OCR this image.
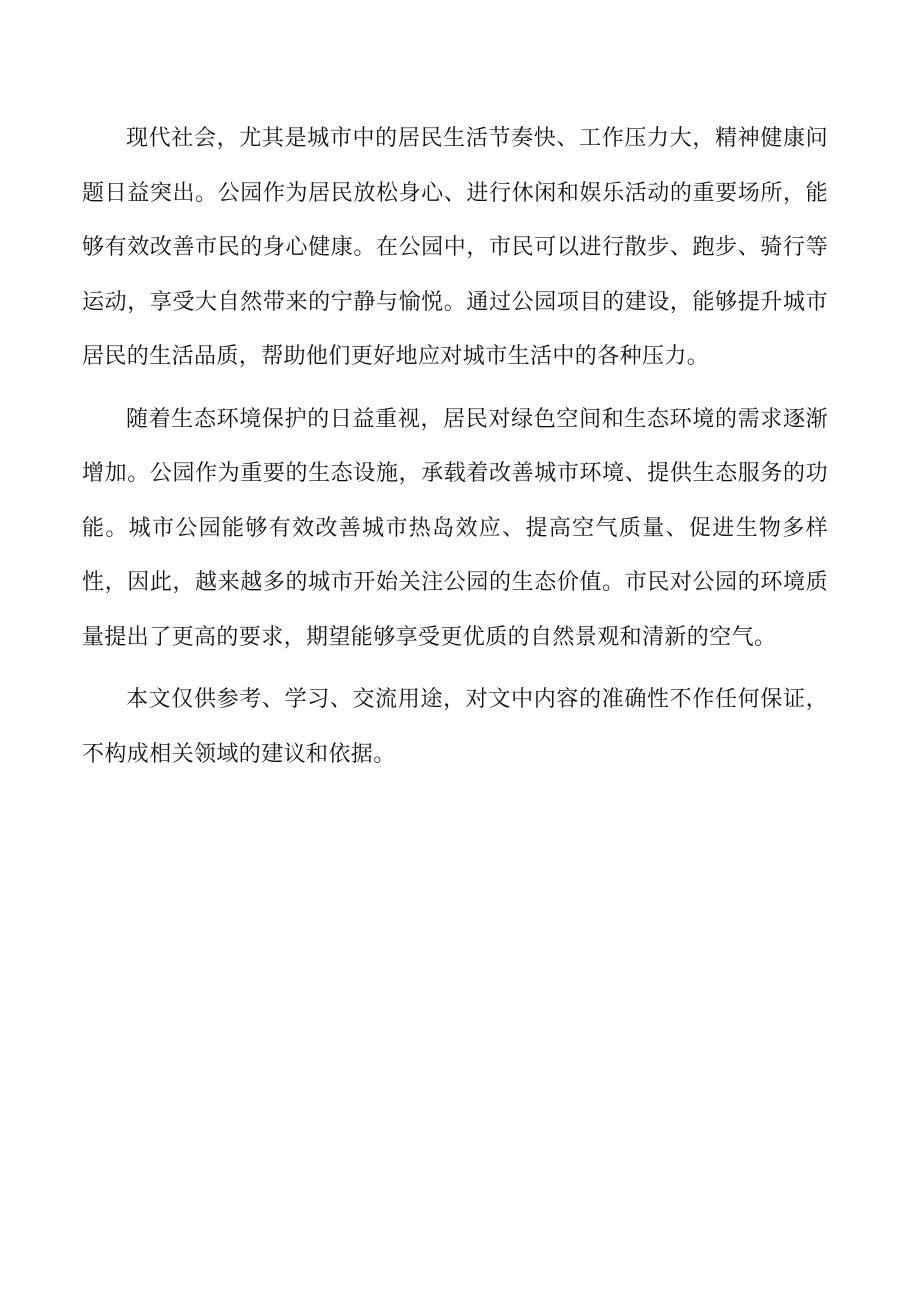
现代社会，尤其是城市中的居民生活节奏快、工作压力大，精神健康问题日益突出。公园作为居民放松身心、进行休闲和娱乐活动的重要场所，能够有效改善市民的身心健康。在公园中，市民可以进行散步、跑步、骑行等运动，享受大自然带来的宁静与愉悦。通过公园项目的建设，能够提升城市居民的生活品质，帮助他们更好地应对城市生活中的各种压力。

随着生态环境保护的日益重视，居民对绿色空间和生态环境的需求逐渐增加。公园作为重要的生态设施，承载着改善城市环境、提供生态服务的功能。城市公园能够有效改善城市热岛效应、提高空气质量、促进生物多样性，因此，越来越多的城市开始关注公园的生态价值。市民对公园的环境质量提出了更高的要求，期望能够享受更优质的自然景观和清新的空气。

本文仅供参考、学习、交流用途，对文中内容的准确性不作任何保证，不构成相关领域的建议和依据。
